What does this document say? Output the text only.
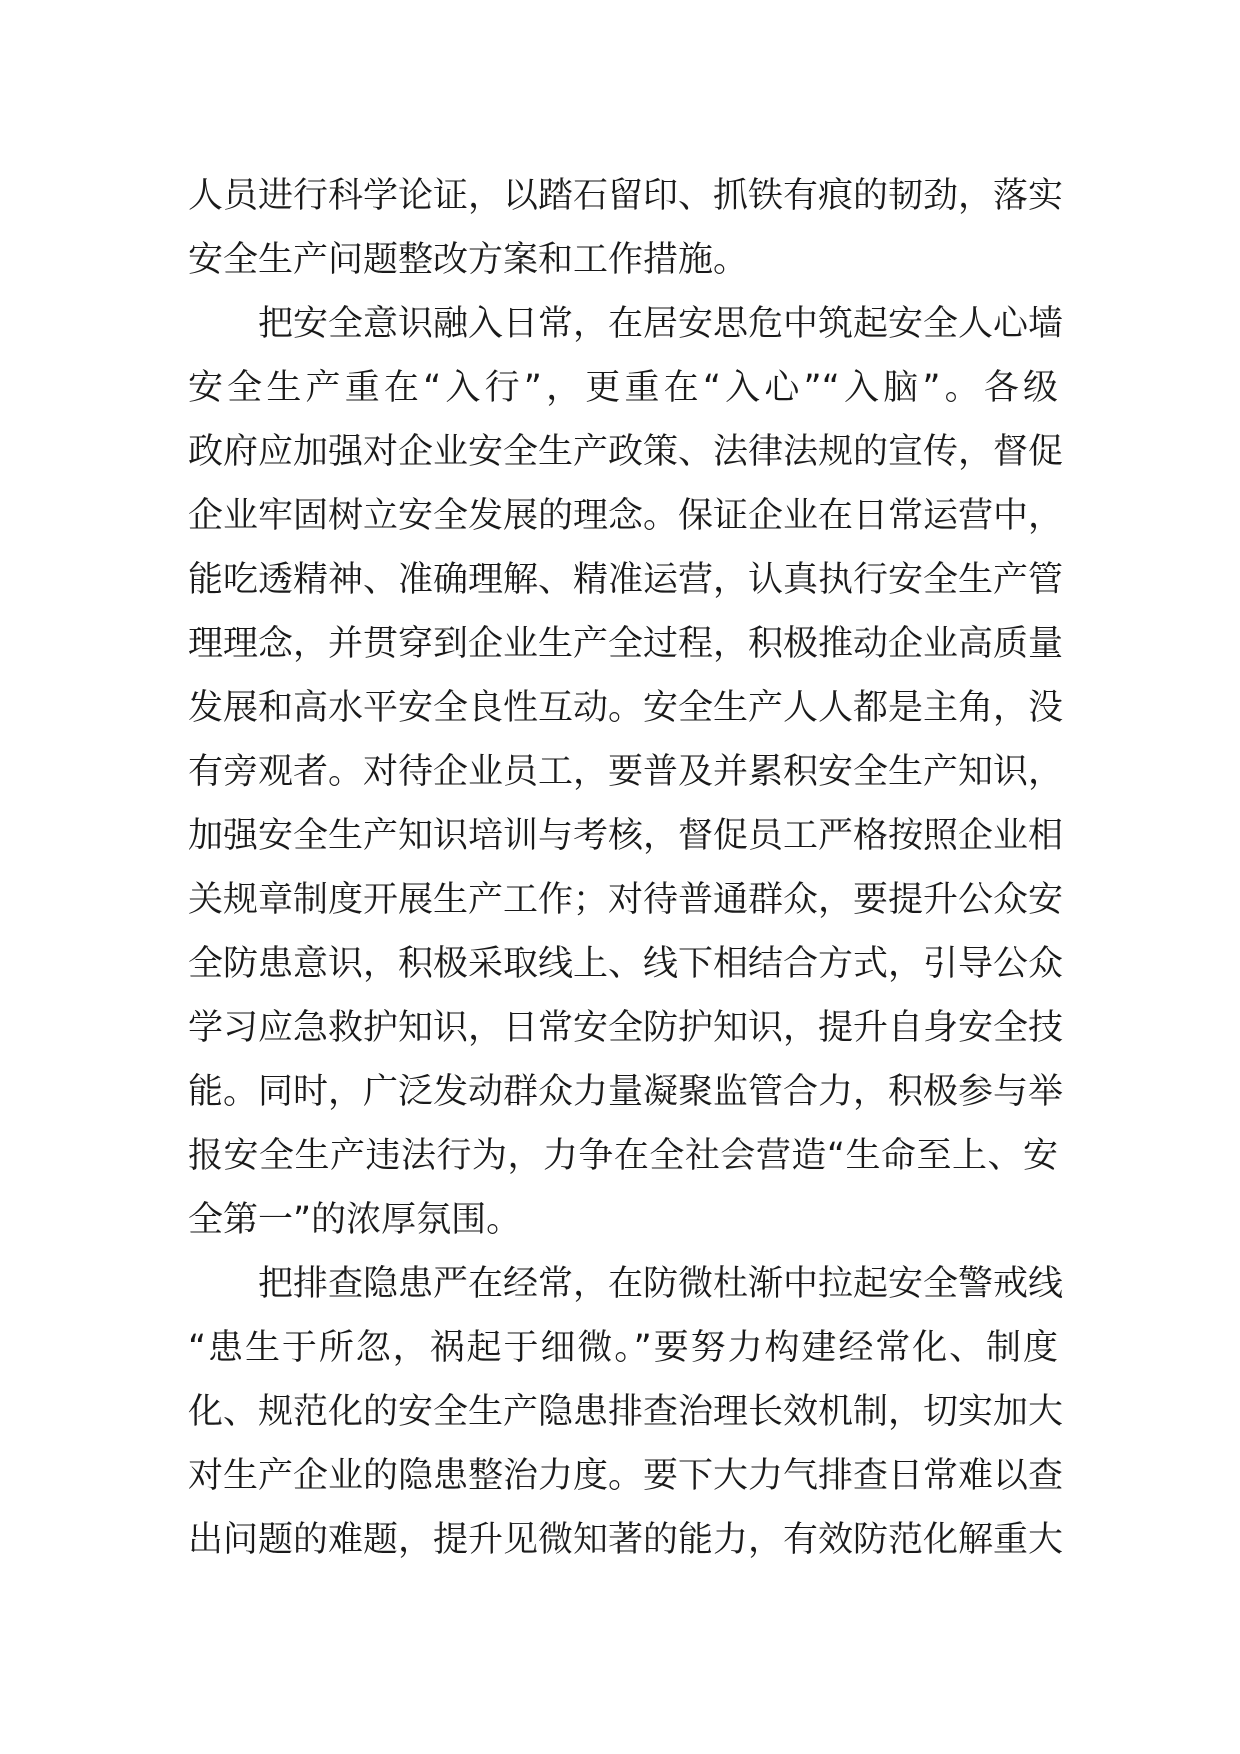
人员进行科学论证，以踏石留印、抓铁有痕的韧劲，落实
安全生产问题整改方案和工作措施。
把安全意识融入日常，在居安思危中筑起安全人心墙
安全生产重在“入行”，更重在“入心”“入脑”。各级
政府应加强对企业安全生产政策、法律法规的宣传，督促
企业牢固树立安全发展的理念。保证企业在日常运营中，
能吃透精神、准确理解、精准运营，认真执行安全生产管
理理念，并贯穿到企业生产全过程，积极推动企业高质量
发展和高水平安全良性互动。安全生产人人都是主角，没
有旁观者。对待企业员工，要普及并累积安全生产知识，
加强安全生产知识培训与考核，督促员工严格按照企业相
关规章制度开展生产工作；对待普通群众，要提升公众安
全防患意识，积极采取线上、线下相结合方式，引导公众
学习应急救护知识，日常安全防护知识，提升自身安全技
能。同时，广泛发动群众力量凝聚监管合力，积极参与举
报安全生产违法行为，力争在全社会营造“生命至上、安
全第一”的浓厚氛围。
把排查隐患严在经常，在防微杜渐中拉起安全警戒线
“患生于所忽，祸起于细微。”要努力构建经常化、制度
化、规范化的安全生产隐患排查治理长效机制，切实加大
对生产企业的隐患整治力度。要下大力气排查日常难以查
出问题的难题，提升见微知著的能力，有效防范化解重大
